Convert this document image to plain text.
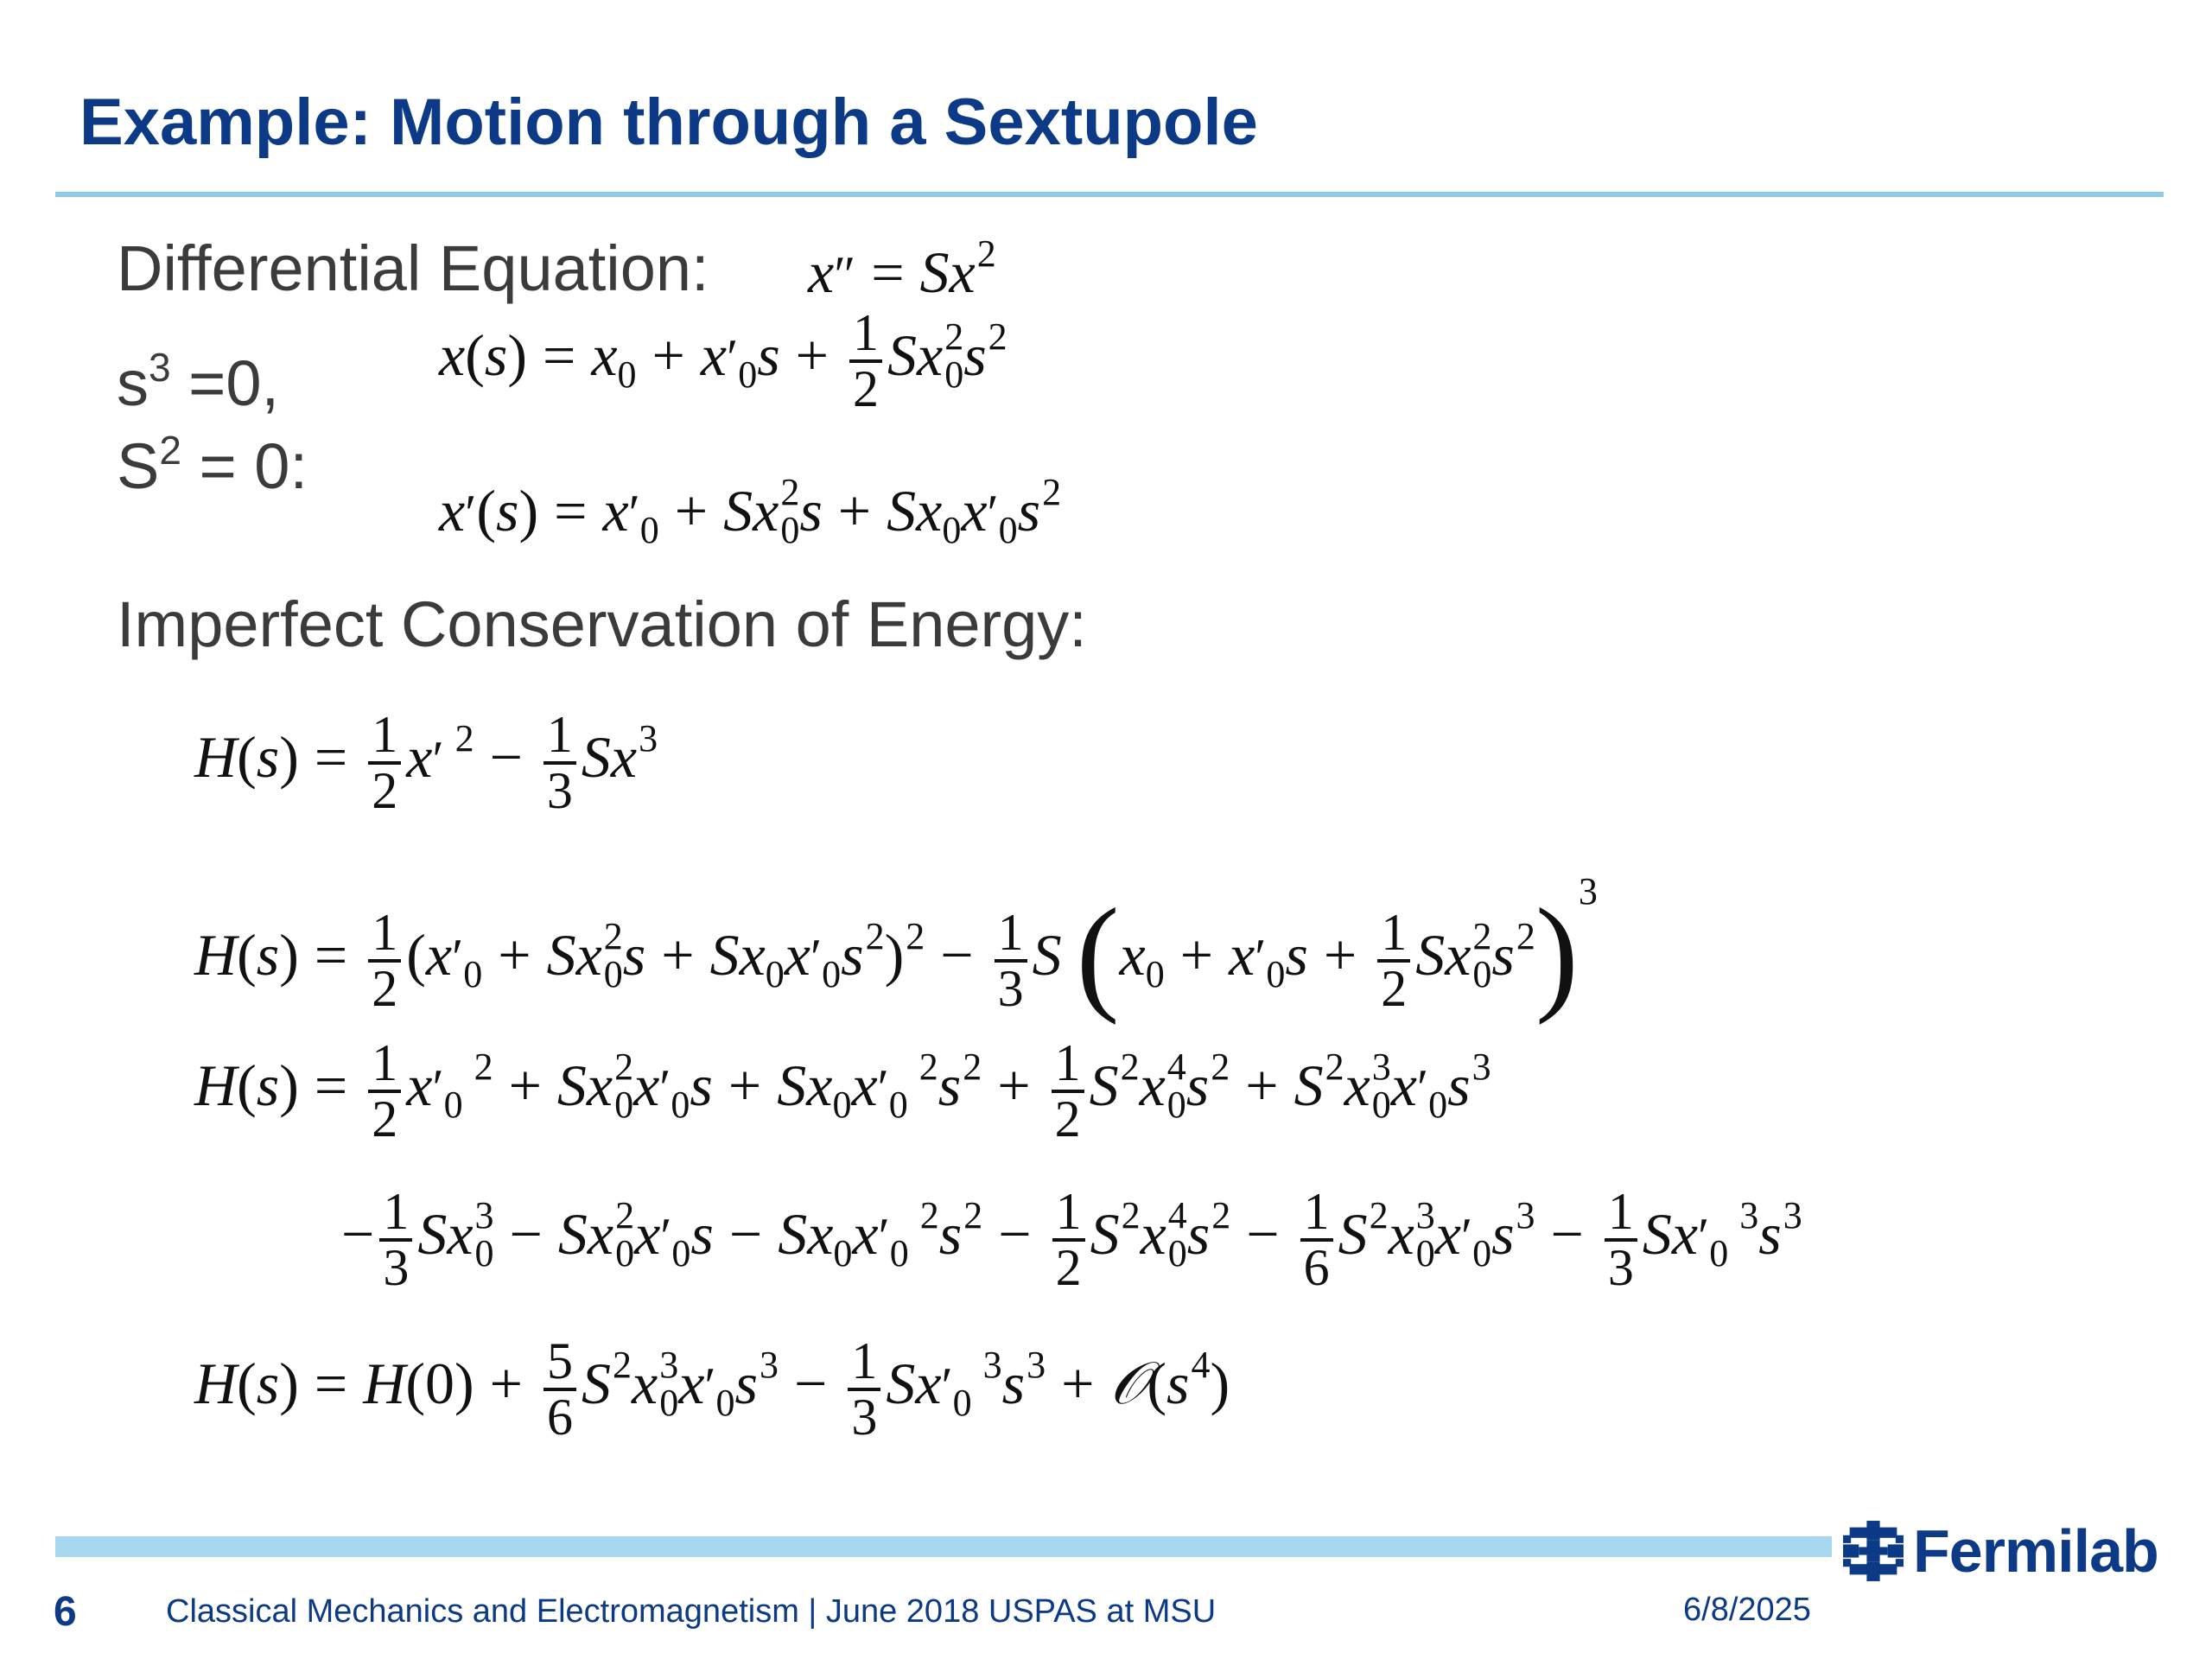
Example: Motion through a Sextupole
Differential Equation: $x'' = Sx^2$
$s^3 =0$,
$S^2 = 0$:
$x(s) = x_0 + x'_0s + \frac{1}{2} Sx^2_0s^2$
$x'(s) = x'_0 + Sx^2_0s + Sx_0x'_0s^2$
Imperfect Conservation of Energy:
$H(s) = \frac{1}{2} x'$ $^2 - \frac{1}{3} Sx^3$
$H(s) = \frac{1}{2} (x'_0 + Sx^2_0s + Sx_0x'_0s^2)^2 - \frac{1}{3}$ S $(x_0 + x'_0s + \frac{1}{2} Sx^2_0s^2)^3$
$H(s) = \frac{1}{2} x'_0$ $^2 + Sx^2_0x'_0s + Sx_0x'_0$ $^2s^2 + \frac{1}{2} S^2x^4_0s^2 + S^2x^3_0x'_0s^3$
− $\frac{1}{3} Sx^3_0 - Sx^2_0x'_0s - Sx_0x'_0$ $^2s^2 - \frac{1}{2} S^2x^4_0s^2 - \frac{1}{6} S^2x^3_0x'_0s^3 - \frac{1}{3} Sx'_0$ $^3s^3$
$H(s) = H(0) + \frac{5}{6} S^2x^3_0x'_0s^3 - \frac{1}{3} Sx'_0$ $^3s^3$ + $𝒪(s^4)$
Fermilab
6	Classical Mechanics and Electromagnetism | June 2018 USPAS at MSU	6/8/2025
